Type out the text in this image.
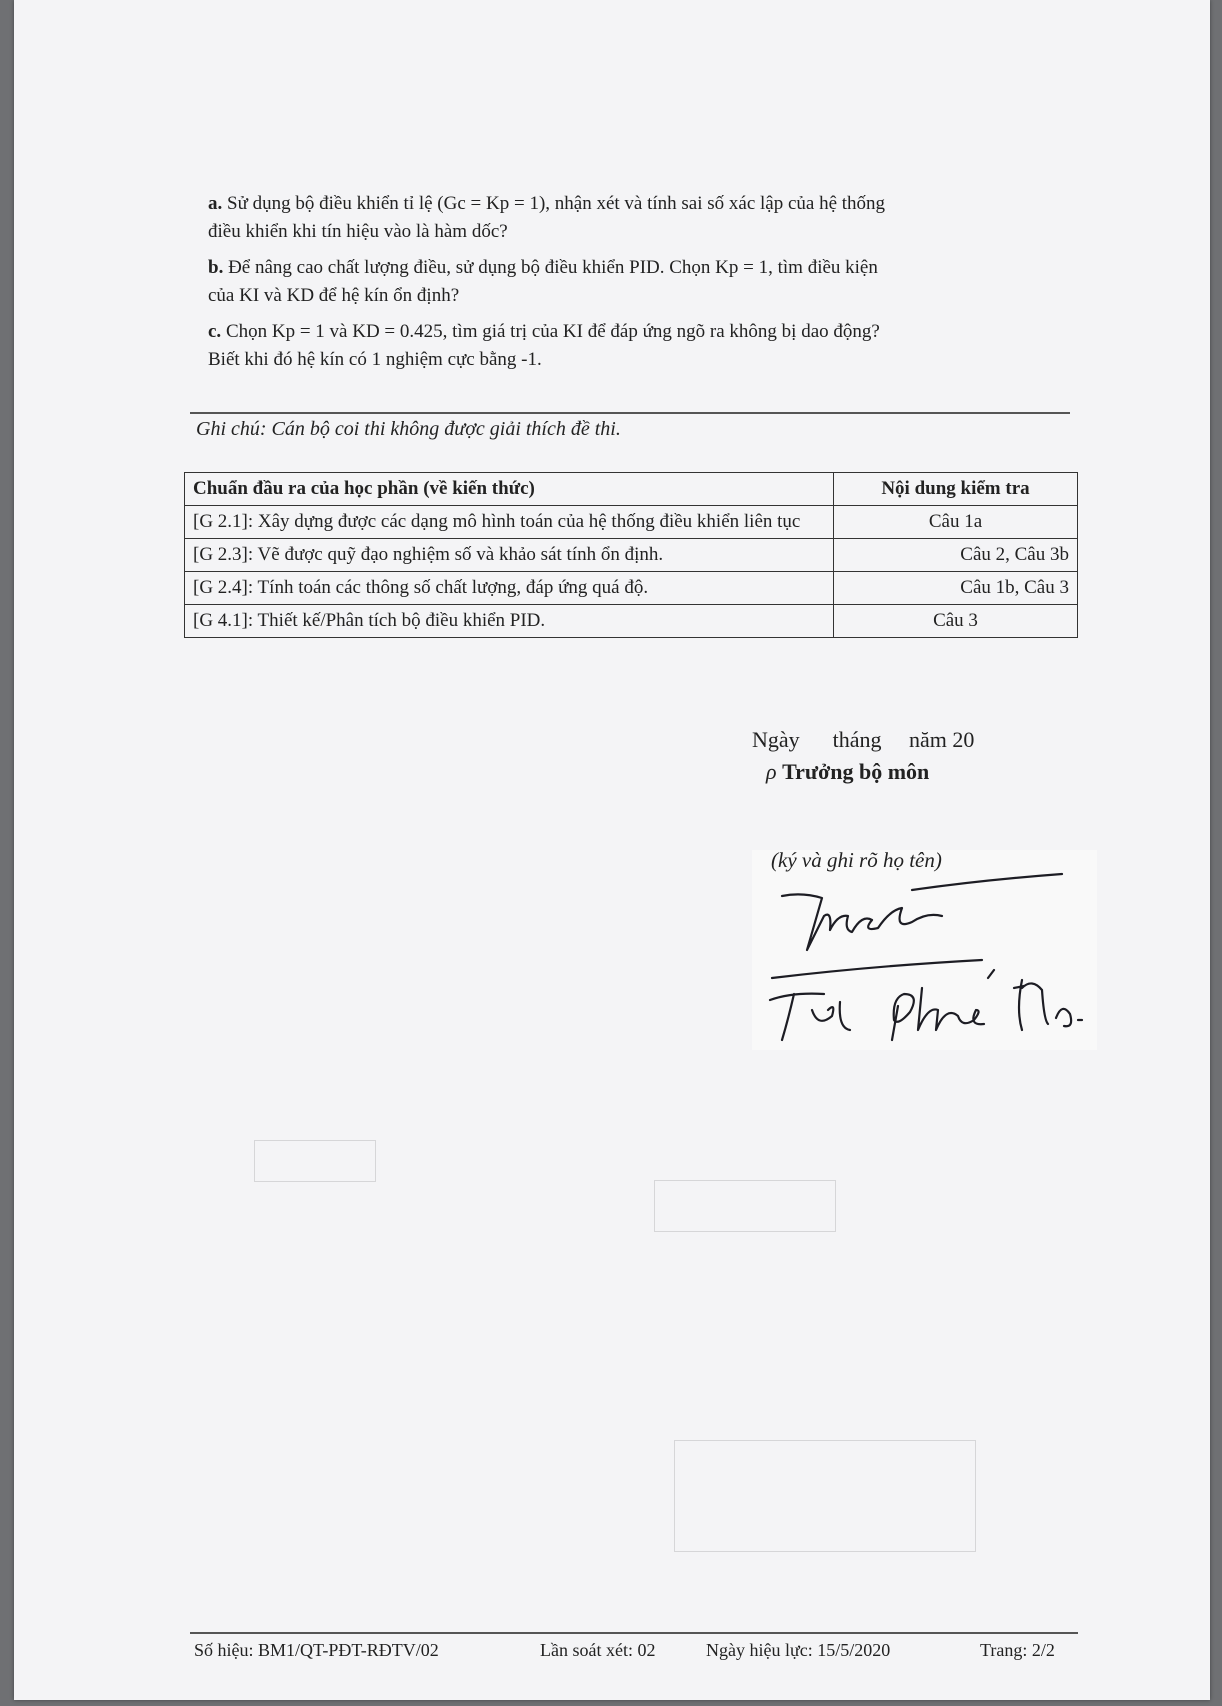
a. Sử dụng bộ điều khiển tỉ lệ (Gc = Kp = 1), nhận xét và tính sai số xác lập của hệ thống
điều khiển khi tín hiệu vào là hàm dốc?
b. Để nâng cao chất lượng điều, sử dụng bộ điều khiển PID. Chọn Kp = 1, tìm điều kiện
của KI và KD để hệ kín ổn định?
c. Chọn Kp = 1 và KD = 0.425, tìm giá trị của KI để đáp ứng ngõ ra không bị dao động?
Biết khi đó hệ kín có 1 nghiệm cực bằng -1.
Ghi chú: Cán bộ coi thi không được giải thích đề thi.
Chuẩn đầu ra của học phần (về kiến thức)	Nội dung kiểm tra
[G 2.1]: Xây dựng được các dạng mô hình toán của hệ thống điều khiển liên tục	Câu 1a
[G 2.3]: Vẽ được quỹ đạo nghiệm số và khảo sát tính ổn định.	Câu 2, Câu 3b
[G 2.4]: Tính toán các thông số chất lượng, đáp ứng quá độ.	Câu 1b, Câu 3
[G 4.1]: Thiết kế/Phân tích bộ điều khiển PID.	Câu 3
Ngày      tháng     năm 20
ρ Trưởng bộ môn
(ký và ghi rõ họ tên)
Số hiệu: BM1/QT-PĐT-RĐTV/02	Lần soát xét: 02	Ngày hiệu lực: 15/5/2020	Trang: 2/2
